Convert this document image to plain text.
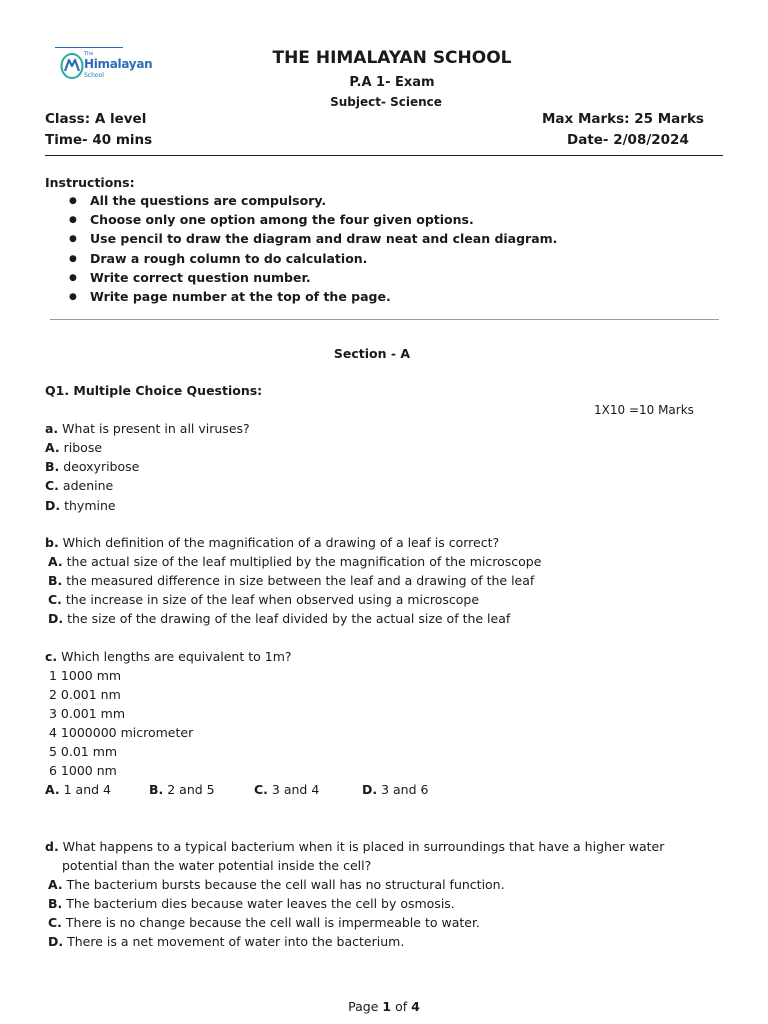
The
Himalayan
School
THE HIMALAYAN SCHOOL
P.A 1- Exam
Subject- Science
Class: A level
Time- 40 mins
Max Marks: 25 Marks
Date- 2/08/2024
Instructions:
● All the questions are compulsory.
● Choose only one option among the four given options.
● Use pencil to draw the diagram and draw neat and clean diagram.
● Draw a rough column to do calculation.
● Write correct question number.
● Write page number at the top of the page.
Section - A
Q1. Multiple Choice Questions:
1X10 =10 Marks
a. What is present in all viruses?
A. ribose
B. deoxyribose
C. adenine
D. thymine
b. Which definition of the magnification of a drawing of a leaf is correct?
A. the actual size of the leaf multiplied by the magnification of the microscope
B. the measured difference in size between the leaf and a drawing of the leaf
C. the increase in size of the leaf when observed using a microscope
D. the size of the drawing of the leaf divided by the actual size of the leaf
c. Which lengths are equivalent to 1m?
1 1000 mm
2 0.001 nm
3 0.001 mm
4 1000000 micrometer
5 0.01 mm
6 1000 nm
A. 1 and 4	B. 2 and 5	C. 3 and 4	D. 3 and 6
d. What happens to a typical bacterium when it is placed in surroundings that have a higher water
potential than the water potential inside the cell?
A. The bacterium bursts because the cell wall has no structural function.
B. The bacterium dies because water leaves the cell by osmosis.
C. There is no change because the cell wall is impermeable to water.
D. There is a net movement of water into the bacterium.
Page 1 of 4
